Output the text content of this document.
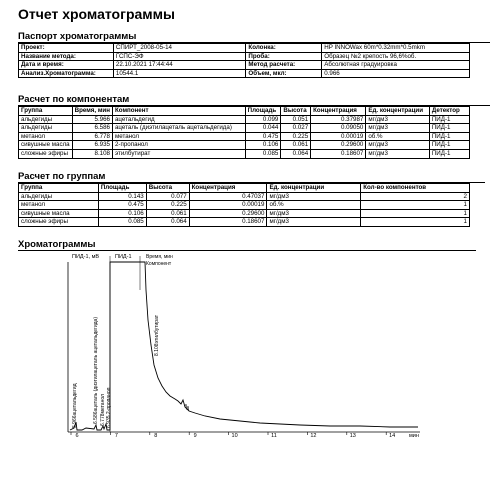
Отчет хроматограммы
Паспорт хроматограммы
Проект:	СПИРТ_2008-05-14	Колонка:	HP INNOWax 60m*0.32mm*0.5mkm
Название метода:	ГСПС-ЭФ	Проба:	Образец №2 крепость 96,6%об.
Дата и время:	22.10.2021 17:44:44	Метод расчета:	Абсолютная градуировка
Анализ.Хроматограмма:	10544.1	Объем, мкл:	0.966
Расчет по компонентам
Группа	Время, мин	Компонент	Площадь	Высота	Концентрация	Ед. концентрации	Детектор
альдегиды	5.966	ацетальдегид	0.099	0.051	0.37987	мг/дм3	ПИД-1
альдегиды	6.586	ацеталь (диэтилацеталь ацетальдегида)	0.044	0.027	0.09050	мг/дм3	ПИД-1
метанол	6.778	метанол	0.475	0.225	0.00019	об.%	ПИД-1
сивушные масла	6.935	2-пропанол	0.106	0.061	0.29600	мг/дм3	ПИД-1
сложные эфиры	8.108	этилбутират	0.085	0.064	0.18607	мг/дм3	ПИД-1
Расчет по группам
Группа	Площадь	Высота	Концентрация	Ед. концентрации	Кол-во компонентов
альдегиды	0.143	0.077	0.47037	мг/дм3	2
метанол	0.475	0.225	0.00019	об.%	1
сивушные масла	0.106	0.061	0.29600	мг/дм3	1
сложные эфиры	0.085	0.064	0.18607	мг/дм3	1
Хроматограммы
ПИД-1, мВ	ПИД-1	Время, мин
Компонент
6	7	8	9	10	11	12	13	14 мин
5.966ацетальдегид	6.586ацеталь (диэтилацеталь ацетальдегида) 6.778метанол 6.935 2-пропанол
8.108этилбутират
